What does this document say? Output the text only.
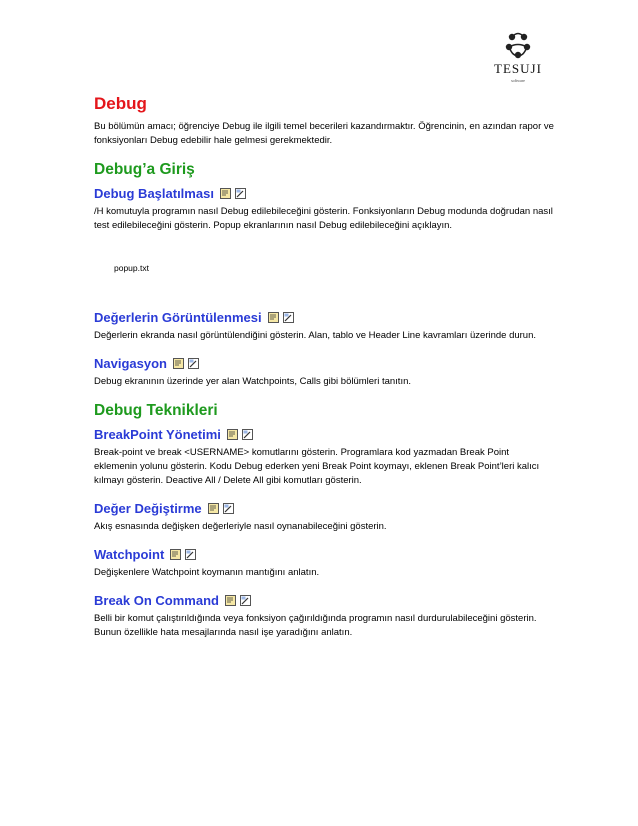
TESUJI
software
Debug
Bu bölümün amacı; öğrenciye Debug ile ilgili temel becerileri kazandırmaktır. Öğrencinin, en azından rapor ve fonksiyonları Debug edebilir hale gelmesi gerekmektedir.
Debug’a Giriş
Debug Başlatılması
/H komutuyla programın nasıl Debug edilebileceğini gösterin. Fonksiyonların Debug modunda doğrudan nasıl test edilebileceğini gösterin. Popup ekranlarının nasıl Debug edilebileceğini açıklayın.
popup.txt
Değerlerin Görüntülenmesi
Değerlerin ekranda nasıl görüntülendiğini gösterin. Alan, tablo ve Header Line kavramları üzerinde durun.
Navigasyon
Debug ekranının üzerinde yer alan Watchpoints, Calls gibi bölümleri tanıtın.
Debug Teknikleri
BreakPoint Yönetimi
Break-point ve break <USERNAME> komutlarını gösterin. Programlara kod yazmadan Break Point eklemenin yolunu gösterin. Kodu Debug ederken yeni Break Point koymayı, eklenen Break Point’leri kalıcı kılmayı gösterin. Deactive All / Delete All gibi komutları gösterin.
Değer Değiştirme
Akış esnasında değişken değerleriyle nasıl oynanabileceğini gösterin.
Watchpoint
Değişkenlere Watchpoint koymanın mantığını anlatın.
Break On Command
Belli bir komut çalıştırıldığında veya fonksiyon çağırıldığında programın nasıl durdurulabileceğini gösterin. Bunun özellikle hata mesajlarında nasıl işe yaradığını anlatın.
